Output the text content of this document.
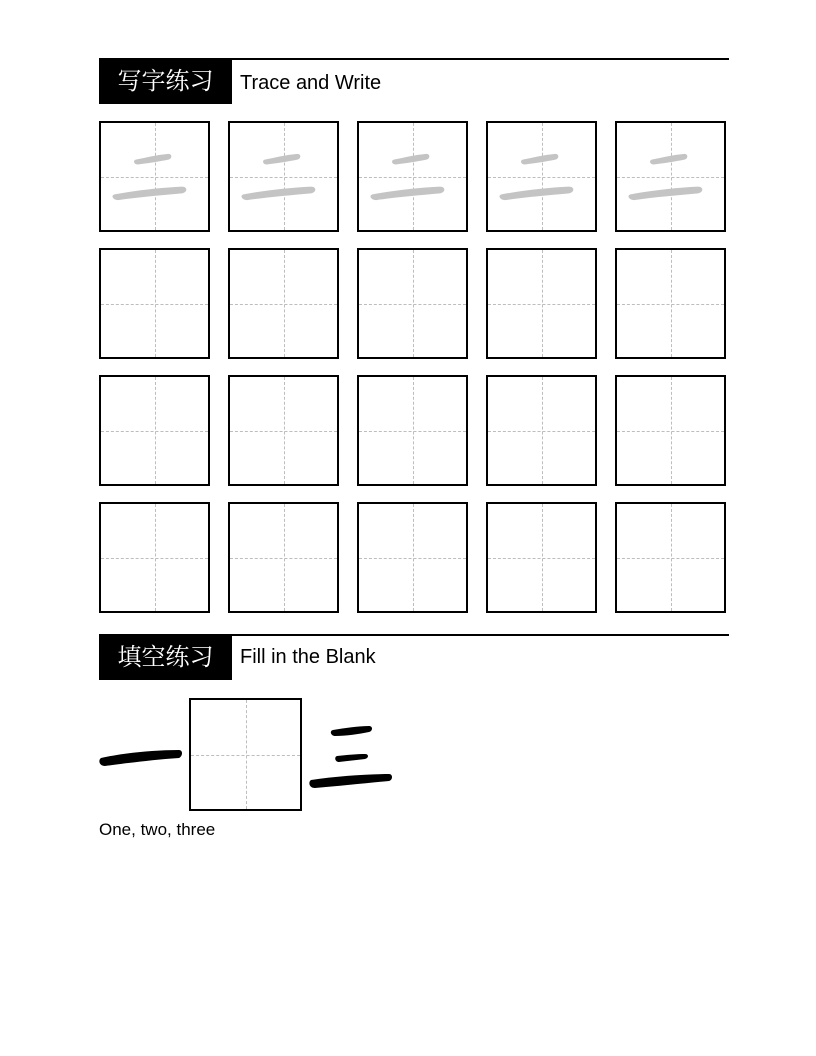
写字练习	Trace and Write
填空练习	Fill in the Blank
一	三
One, two, three
